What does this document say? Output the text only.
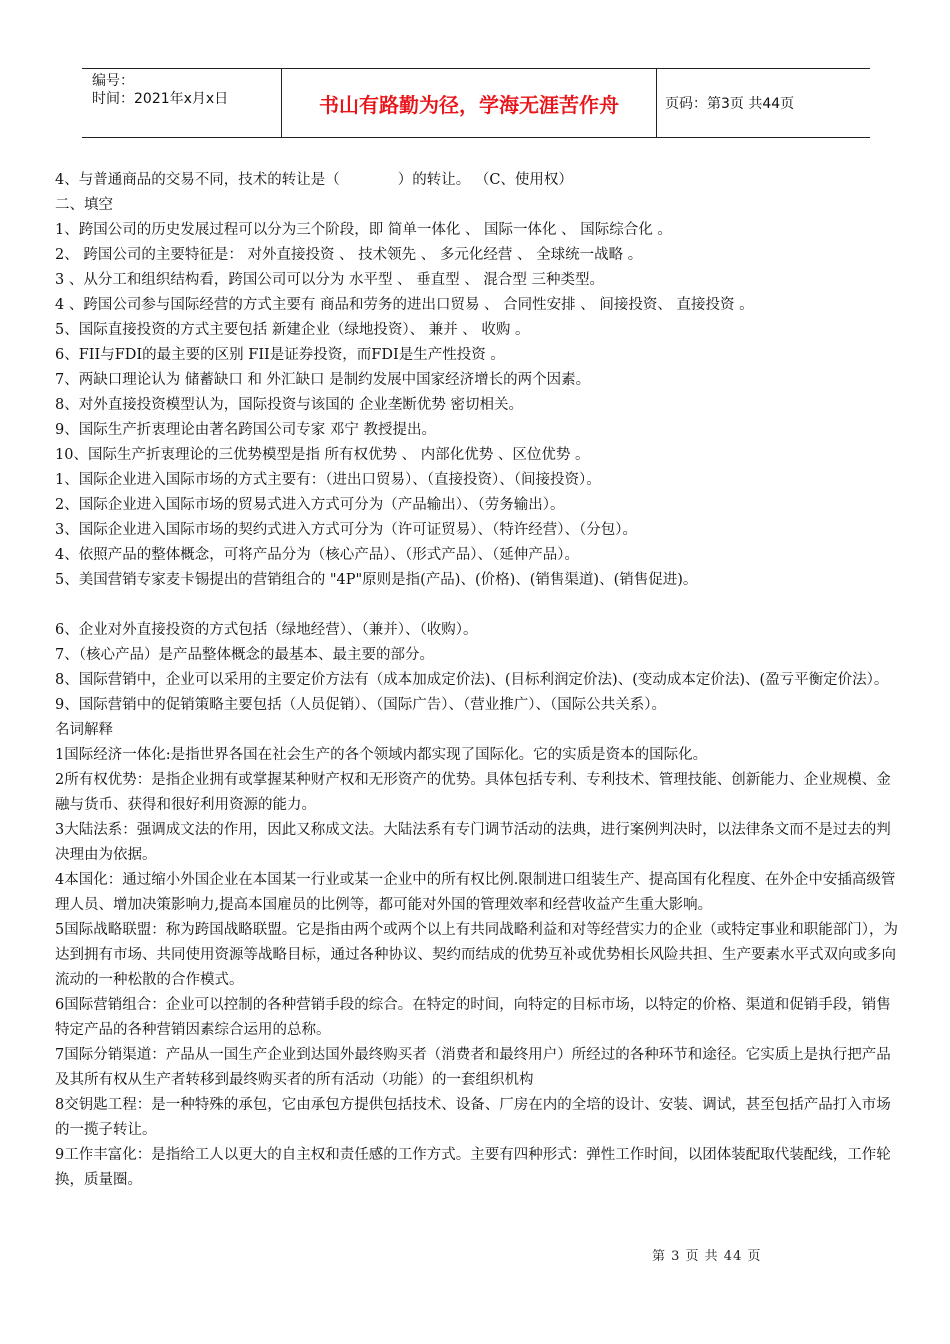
编号：
时间：2021年x月x日	书山有路勤为径，学海无涯苦作舟	页码：第3页 共44页
4、与普通商品的交易不同，技术的转让是（　　　　）的转让。 （C、使用权）
二、填空
1、跨国公司的历史发展过程可以分为三个阶段，即 简单一体化 、 国际一体化 、 国际综合化 。
2、 跨国公司的主要特征是： 对外直接投资 、 技术领先 、 多元化经营 、 全球统一战略 。
3 、从分工和组织结构看，跨国公司可以分为 水平型 、 垂直型 、 混合型 三种类型。
4 、跨国公司参与国际经营的方式主要有 商品和劳务的进出口贸易 、 合同性安排 、 间接投资、 直接投资 。
5、国际直接投资的方式主要包括 新建企业（绿地投资）、 兼并 、 收购 。
6、FII与FDI的最主要的区别 FII是证券投资，而FDI是生产性投资 。
7、两缺口理论认为 储蓄缺口 和 外汇缺口 是制约发展中国家经济增长的两个因素。
8、对外直接投资模型认为，国际投资与该国的 企业垄断优势 密切相关。
9、国际生产折衷理论由著名跨国公司专家 邓宁 教授提出。
10、国际生产折衷理论的三优势模型是指 所有权优势 、 内部化优势 、区位优势 。
1、国际企业进入国际市场的方式主要有：（进出口贸易）、（直接投资）、（间接投资）。
2、国际企业进入国际市场的贸易式进入方式可分为（产品输出）、（劳务输出）。
3、国际企业进入国际市场的契约式进入方式可分为（许可证贸易）、（特许经营）、（分包）。
4、依照产品的整体概念，可将产品分为（核心产品）、（形式产品）、（延伸产品）。
5、美国营销专家麦卡锡提出的营销组合的 "4P"原则是指(产品)、(价格)、(销售渠道)、(销售促进)。
6、企业对外直接投资的方式包括（绿地经营）、（兼并）、（收购）。
7、（核心产品）是产品整体概念的最基本、最主要的部分。
8、国际营销中，企业可以采用的主要定价方法有（成本加成定价法)、(目标利润定价法)、(变动成本定价法)、(盈亏平衡定价法）。
9、国际营销中的促销策略主要包括（人员促销）、（国际广告）、（营业推广）、（国际公共关系）。
名词解释
1国际经济一体化:是指世界各国在社会生产的各个领域内都实现了国际化。它的实质是资本的国际化。
2所有权优势：是指企业拥有或掌握某种财产权和无形资产的优势。具体包括专利、专利技术、管理技能、创新能力、企业规模、金融与货币、获得和很好利用资源的能力。
3大陆法系：强调成文法的作用，因此又称成文法。大陆法系有专门调节活动的法典，进行案例判决时，以法律条文而不是过去的判决理由为依据。
4本国化：通过缩小外国企业在本国某一行业或某一企业中的所有权比例.限制进口组装生产、提高国有化程度、在外企中安插高级管理人员、增加决策影响力,提高本国雇员的比例等，都可能对外国的管理效率和经营收益产生重大影响。
5国际战略联盟：称为跨国战略联盟。它是指由两个或两个以上有共同战略利益和对等经营实力的企业（或特定事业和职能部门），为达到拥有市场、共同使用资源等战略目标，通过各种协议、契约而结成的优势互补或优势相长风险共担、生产要素水平式双向或多向流动的一种松散的合作模式。
6国际营销组合：企业可以控制的各种营销手段的综合。在特定的时间，向特定的目标市场，以特定的价格、渠道和促销手段，销售特定产品的各种营销因素综合运用的总称。
7国际分销渠道：产品从一国生产企业到达国外最终购买者（消费者和最终用户）所经过的各种环节和途径。它实质上是执行把产品及其所有权从生产者转移到最终购买者的所有活动（功能）的一套组织机构
8交钥匙工程：是一种特殊的承包，它由承包方提供包括技术、设备、厂房在内的全培的设计、安装、调试，甚至包括产品打入市场的一揽子转让。
9工作丰富化：是指给工人以更大的自主权和责任感的工作方式。主要有四种形式：弹性工作时间，以团体装配取代装配线，工作轮换，质量圈。
第 3 页 共 44 页
